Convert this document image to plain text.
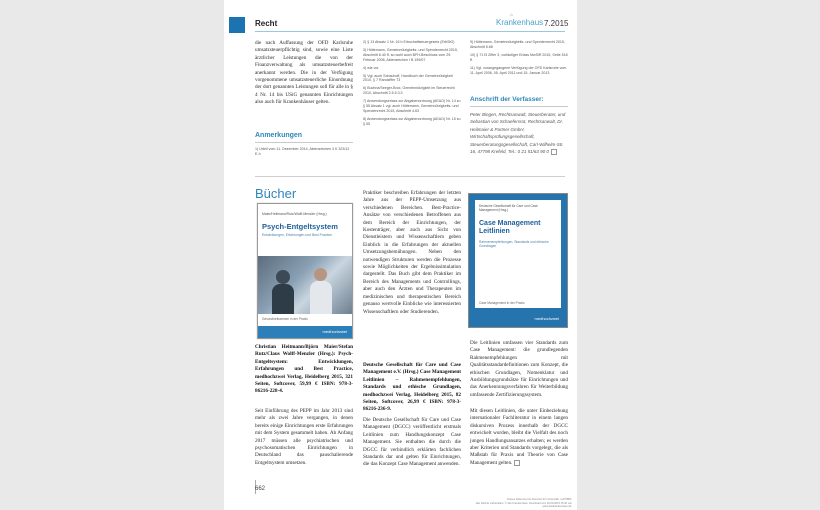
Recht
⌂
Krankenhaus 7.2015
die nach Auffassung der OFD Karlsruhe umsatzsteuerpflichtig sind, sowie eine Liste ärztlicher Leistungen die von der Finanzverwaltung als umsatzsteuerbefreit anerkannt werden. Die in der Verfügung vorgenommene umsatzsteuerliche Einordnung der dort genannten Leistungen soll für alle in § 4 Nr. 14 bis USiG genannten Einrichtungen also auch für Krankenhäuser gelten.
Anmerkungen
1) Urteil vom 11. Dezember 2014, Aktenzeichen 3 K 323/12 E-h
2) § 13 Absatz 1 Nr. 16 b Erbschaftsteuergesetz (ErbStG)
3) Hüttemann, Gemeinnützigkeits- und Spendenrecht 2015, Abschnitt 6.40 ff. so wohl auch BFH-Beschluss vom 29. Februar 2008, Aktenzeichen I B 159/07
4) wie vor
5) Vgl. auch Schauhoff, Handbuch der Gemeinnützigkeit 2010, § 7 Randziffer 73
6) Buchna/Seeger-Brox, Gemeinnützigkeit im Steuerrecht 2010, Abschnitt 2.5.5.3.3
7) Anwendungserlass zur Abgabenordnung (AEAO) Nr. 14 zu § 55 Absatz 1 vgl. auch Hüttemann, Gemeinnützigkeits- und Spendenrecht 2015, Abschnitt 4.63
8) Anwendungserlass zur Abgabenordnung (AEAO) Nr. 15 zu § 55
9) Hüttemann, Gemeinnützigkeits- und Spendenrecht 2015, Abschnitt 5.68
10) § 71 f3 Ziffer 3, vorläufiger Erlass MwSiR 2015, Seite 518 ff.
11) Vgl. vorangegangene Verfügung der OFD Karlsruhe vom 11. April 2006, 05. April 2011 und 15. Januar 2013
Anschrift der Verfasser:
Peter Bingen, Rechtsanwalt, Steuerberater, und Sebastian von Schaefersrot, Rechtsanwalt, Dr. Heilmaier & Partner GmbH, Wirtschaftsprüfungsgesellschaft, Steuerberatungsgesellschaft, Carl-Wilhelm-Str. 16, 47798 Krefeld, Tel.: 0 21 51/63 90 0
Bücher
Maier/Heilmann/Rutz/Wolff-Menzler (Hrsg.)
Psych-Entgeltsystem
Entwicklungen, Erfahrungen und Best Practice
Gesundheitswesen in der Praxis
medhochzwei
Christian Heitmann/Björn Maier/Stefan Rutz/Claus Wolff-Menzler (Hrsg.): Psych-Entgeltsystem: Entwicklungen, Erfahrungen und Best Practice, medhochzwei Verlag, Heidelberg 2015, 321 Seiten, Softcover, 59,99 € ISBN: 978-3-86216-228-4.
Seit Einführung des PEPP im Jahr 2013 sind mehr als zwei Jahre vergangen, in denen bereits einige Einrichtungen erste Erfahrungen mit dem System gesammelt haben. Ab Anfang 2017 müssen alle psychiatrischen und psychosomatischen Einrichtungen in Deutschland das pauschalierende Entgeltsystem umsetzen.
Praktiker beschreiben Erfahrungen der letzten Jahre aus der PEPP-Umsetzung aus verschiedenen Bereichen. Best-Practice-Ansätze von verschiedenen Betroffenen aus dem Bereich der Einrichtungen, der Kostenträger, aber auch aus Sicht von Dienstleistern und Wissenschaftlern geben Einblick in die Erfahrungen der aktuellen Umsetzungsbemühungen. Neben den notwendigen Strukturen werden die Prozesse sowie Möglichkeiten der Ergebnissimulation dargestellt. Das Buch gibt dem Praktiker im Bereich des Managements und Controllings, aber auch den Ärzten und Therapeuten im medizinischen und therapeutischen Bereich genauso wertvolle Einblicke wie interessierten Wissenschaftlern oder Studierenden.
Deutsche Gesellschaft für Care und Case Management e.V. (Hrsg.) Case Management Leitlinien – Rahmenempfehlungen, Standards und ethische Grundlagen, medhochzwei Verlag, Heidelberg 2015, 82 Seiten, Softcover, 26,99 € ISBN: 978-3-86216-236-9.
Die Deutsche Gesellschaft für Care und Case Management (DGCC) veröffentlicht erstmals Leitlinien zum Handlungskonzept Case Management. Sie enthalten die durch die DGCC für verbindlich erklärten fachlichen Standards dar und gelten für Einrichtungen, die das Konzept Case Management anwenden.
Deutsche Gesellschaft für Care und Case Management (Hrsg.)
Case Management Leitlinien
Rahmenempfehlungen, Standards und ethische Grundlagen
Case Management in der Praxis
medhochzwei
Die Leitlinien umfassen vier Standards zum Case Management: die grundlegenden Rahmenempfehlungen mit Qualitätsstandardefinitionen zum Konzept, die ethischen Grundlagen, Nomenklatur und Ausbildungsgrundsätze für Einrichtungen und das Anerkennungsverfahren für Weiterbildung umfassende Zertifizierungssystem.
Mit diesen Leitlinien, die unter Einbeziehung internationaler Fachliteratur in einem langen diskursiven Prozess innerhalb der DGCC entwickelt wurden, bleibt die Vielfalt des noch jungen Handlungsansatzes erhalten; es werden aber Kriterien und Standards vorgelegt, die als Maßstab für Praxis und Theorie von Case Management gelten.
662
Dieses Dokument ist lizenziert für Universität, mA75882.
Alle Rechte vorbehalten. © das Krankenhaus. Download vom 20.09.2015 15:30 von www.daskrankenhaus.de.
